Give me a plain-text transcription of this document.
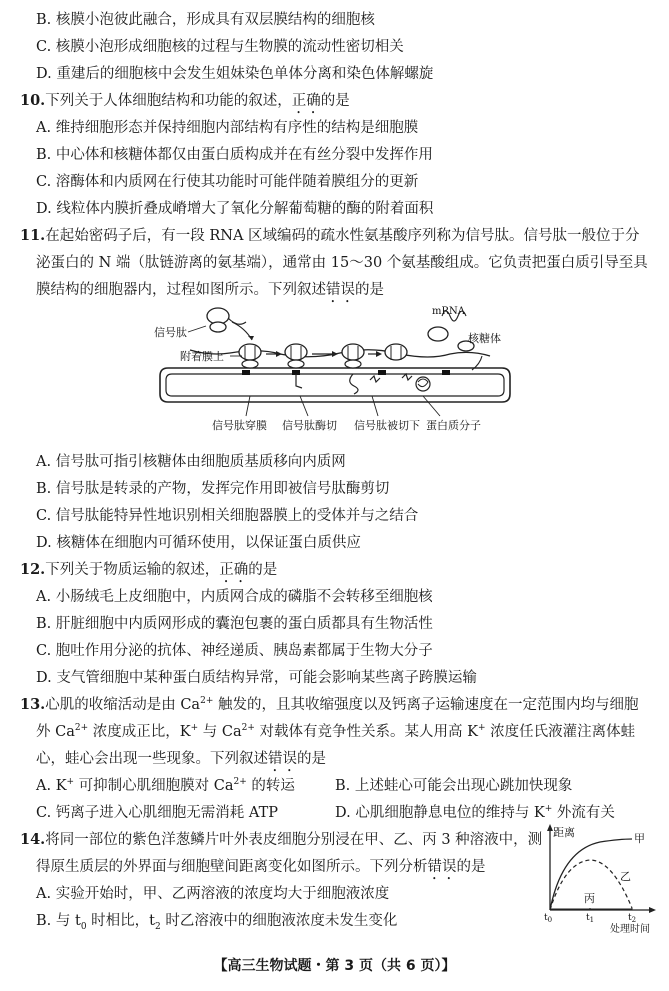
B. 核膜小泡彼此融合，形成具有双层膜结构的细胞核
C. 核膜小泡形成细胞核的过程与生物膜的流动性密切相关
D. 重建后的细胞核中会发生姐妹染色单体分离和染色体解螺旋
10.下列关于人体细胞结构和功能的叙述，正确的是
A. 维持细胞形态并保持细胞内部结构有序性的结构是细胞膜
B. 中心体和核糖体都仅由蛋白质构成并在有丝分裂中发挥作用
C. 溶酶体和内质网在行使其功能时可能伴随着膜组分的更新
D. 线粒体内膜折叠成嵴增大了氧化分解葡萄糖的酶的附着面积
11.在起始密码子后，有一段 RNA 区域编码的疏水性氨基酸序列称为信号肽。信号肽一般位于分
泌蛋白的 N 端（肽链游离的氨基端），通常由 15～30 个氨基酸组成。它负责把蛋白质引导至具
膜结构的细胞器内，过程如图所示。下列叙述错误的是
信号肽
附着膜上
mRNA
核糖体
信号肽穿膜 信号肽酶切 信号肽被切下 蛋白质分子
A. 信号肽可指引核糖体由细胞质基质移向内质网
B. 信号肽是转录的产物，发挥完作用即被信号肽酶剪切
C. 信号肽能特异性地识别相关细胞器膜上的受体并与之结合
D. 核糖体在细胞内可循环使用，以保证蛋白质供应
12.下列关于物质运输的叙述，正确的是
A. 小肠绒毛上皮细胞中，内质网合成的磷脂不会转移至细胞核
B. 肝脏细胞中内质网形成的囊泡包裹的蛋白质都具有生物活性
C. 胞吐作用分泌的抗体、神经递质、胰岛素都属于生物大分子
D. 支气管细胞中某种蛋白质结构异常，可能会影响某些离子跨膜运输
13.心肌的收缩活动是由 $Ca^{2+}$ 触发的，且其收缩强度以及钙离子运输速度在一定范围内均与细胞
外 $Ca^{2+}$ 浓度成正比，K+ 与 $Ca^{2+}$ 对载体有竞争性关系。某人用高 K+ 浓度任氏液灌注离体蛙
心，蛙心会出现一些现象。下列叙述错误的是
A. K+ 可抑制心肌细胞膜对 $Ca^{2+}$ 的转运	B. 上述蛙心可能会出现心跳加快现象
C. 钙离子进入心肌细胞无需消耗 ATP	D. 心肌细胞静息电位的维持与 K+ 外流有关
14.将同一部位的紫色洋葱鳞片叶外表皮细胞分别浸在甲、乙、丙 3 种溶液中，测
得原生质层的外界面与细胞壁间距离变化如图所示。下列分析错误的是
A. 实验开始时，甲、乙两溶液的浓度均大于细胞液浓度
B. 与 $t_0$ 时相比，$t_2$ 时乙溶液中的细胞液浓度未发生变化
距离	甲
乙
丙
$t_0$	$t_1$	$t_2$
处理时间
【高三生物试题・第 3 页（共 6 页）】
